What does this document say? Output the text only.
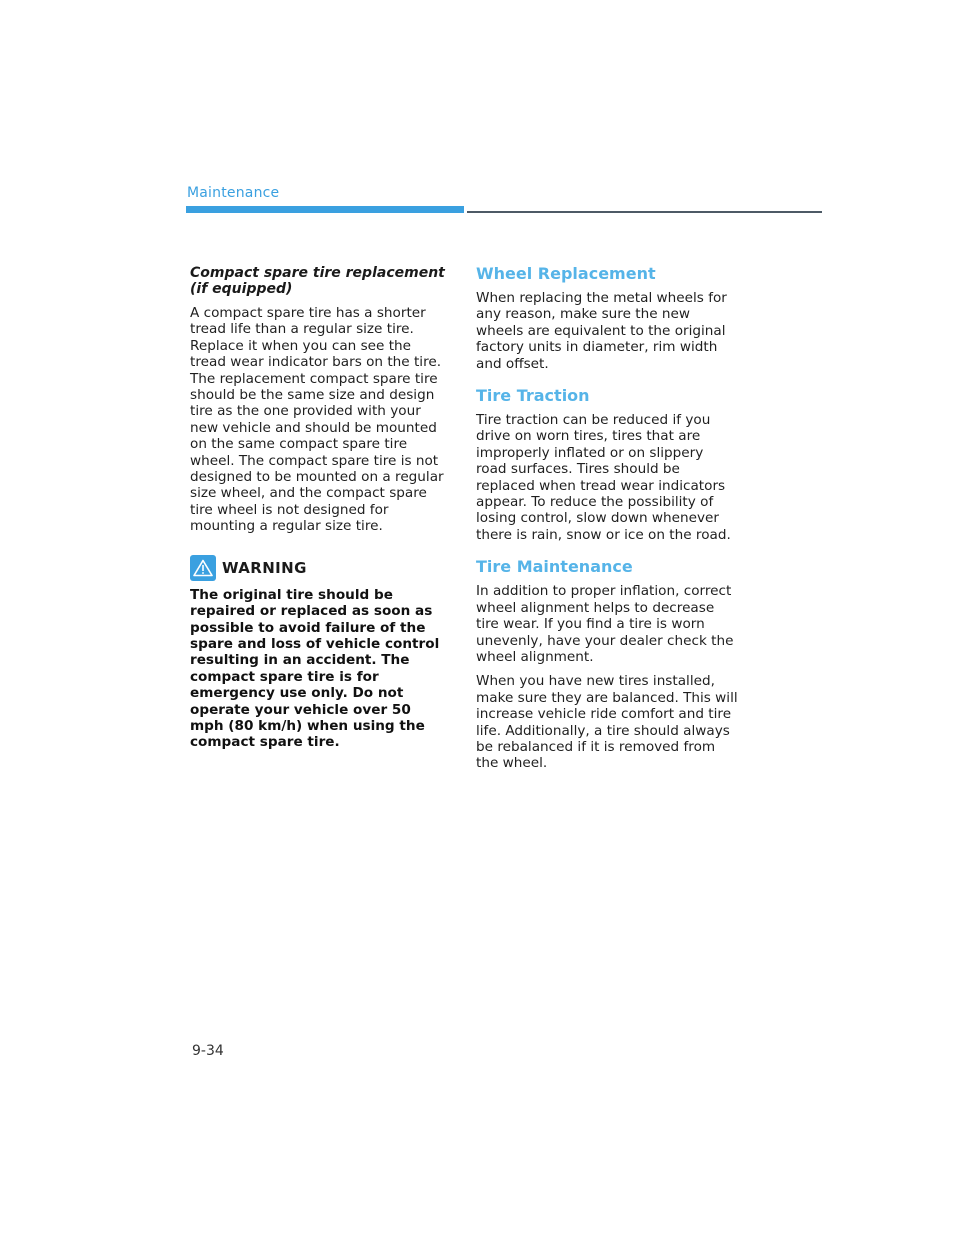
Maintenance
Compact spare tire replacement (if equipped)

A compact spare tire has a shorter tread life than a regular size tire. Replace it when you can see the tread wear indicator bars on the tire. The replacement compact spare tire should be the same size and design tire as the one provided with your new vehicle and should be mounted on the same compact spare tire wheel. The compact spare tire is not designed to be mounted on a regular size wheel, and the compact spare tire wheel is not designed for mounting a regular size tire.

WARNING

The original tire should be repaired or replaced as soon as possible to avoid failure of the spare and loss of vehicle control resulting in an accident. The compact spare tire is for emergency use only. Do not operate your vehicle over 50 mph (80 km/h) when using the compact spare tire.

Wheel Replacement

When replacing the metal wheels for any reason, make sure the new wheels are equivalent to the original factory units in diameter, rim width and offset.

Tire Traction

Tire traction can be reduced if you drive on worn tires, tires that are improperly inflated or on slippery road surfaces. Tires should be replaced when tread wear indicators appear. To reduce the possibility of losing control, slow down whenever there is rain, snow or ice on the road.

Tire Maintenance

In addition to proper inflation, correct wheel alignment helps to decrease tire wear. If you find a tire is worn unevenly, have your dealer check the wheel alignment.

When you have new tires installed, make sure they are balanced. This will increase vehicle ride comfort and tire life. Additionally, a tire should always be rebalanced if it is removed from the wheel.

9-34
